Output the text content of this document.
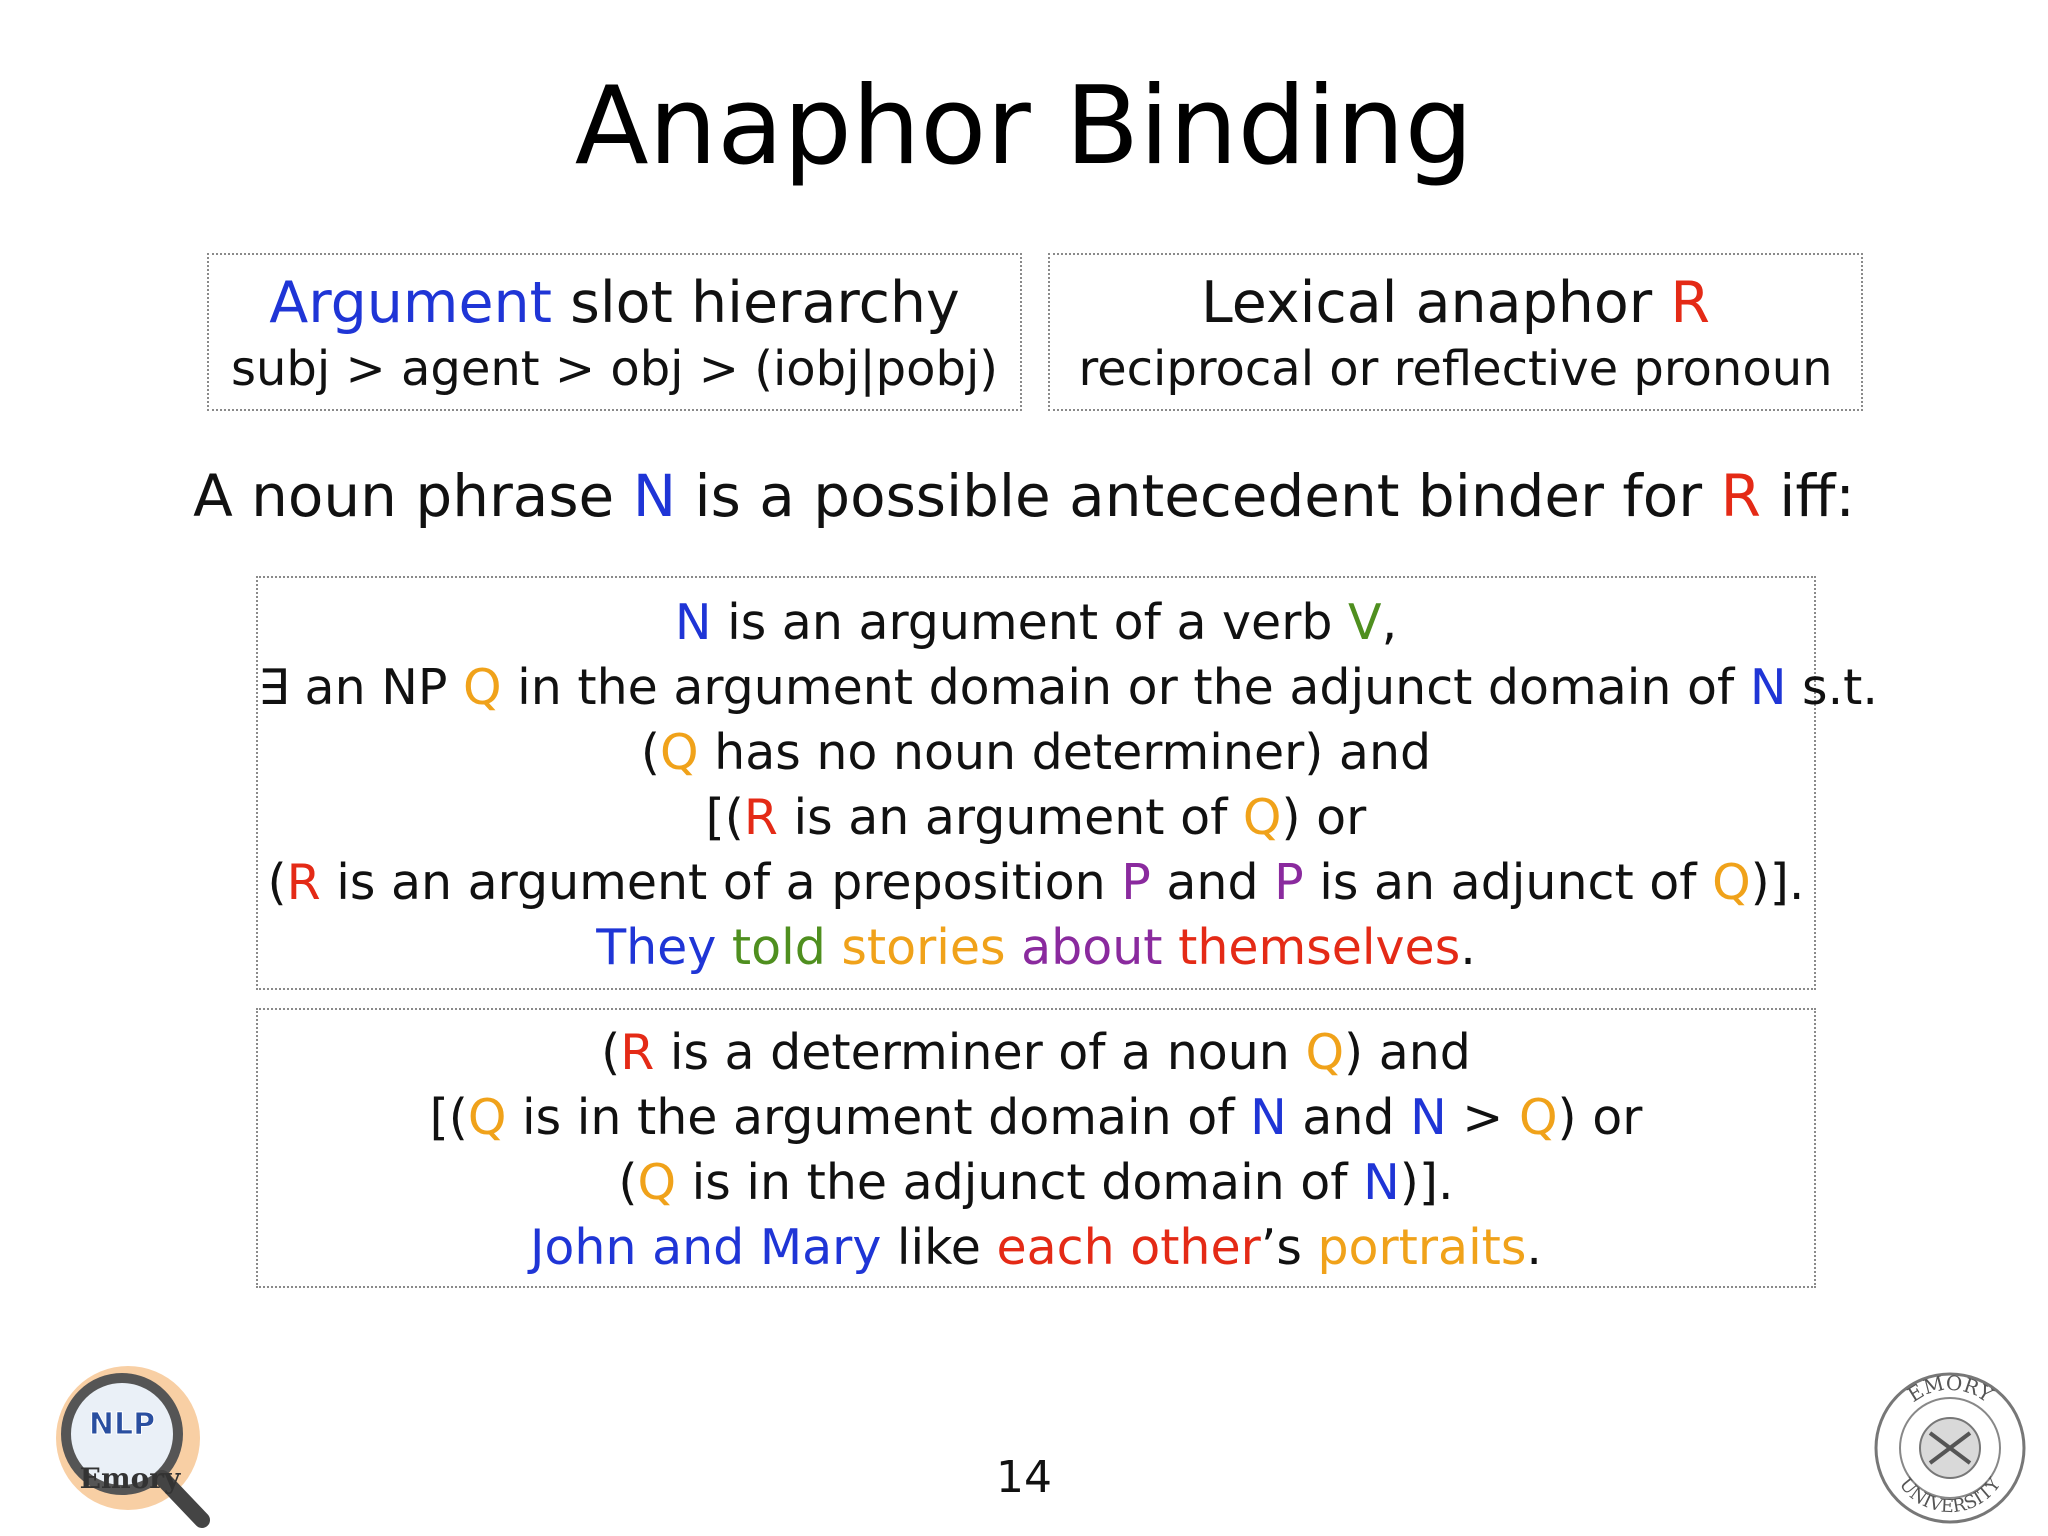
Anaphor Binding
Argument slot hierarchy
subj > agent > obj > (iobj|pobj)
Lexical anaphor R
reciprocal or reflective pronoun
A noun phrase N is a possible antecedent binder for R iff:
N is an argument of a verb V,
∃ an NP Q in the argument domain or the adjunct domain of N s.t.
(Q has no noun determiner) and
[(R is an argument of Q) or
(R is an argument of a preposition P and P is an adjunct of Q)].
They told stories about themselves.
(R is a determiner of a noun Q) and
[(Q is in the argument domain of N and N > Q) or
(Q is in the adjunct domain of N)].
John and Mary like each other’s portraits.
14
NLP
Emory
EMORY
UNIVERSITY
